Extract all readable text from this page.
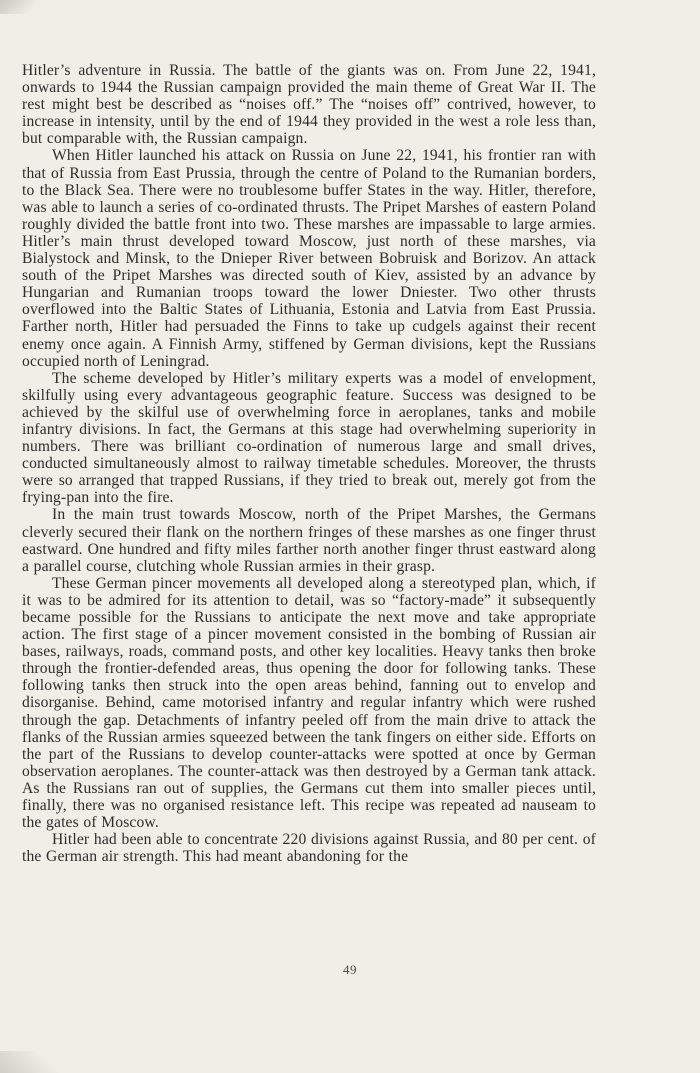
Hitler’s adventure in Russia. The battle of the giants was on. From June 22, 1941, onwards to 1944 the Russian campaign provided the main theme of Great War II. The rest might best be described as “noises off.” The “noises off” contrived, however, to increase in intensity, until by the end of 1944 they provided in the west a role less than, but comparable with, the Russian campaign.

When Hitler launched his attack on Russia on June 22, 1941, his frontier ran with that of Russia from East Prussia, through the centre of Poland to the Rumanian borders, to the Black Sea. There were no troublesome buffer States in the way. Hitler, therefore, was able to launch a series of co-ordinated thrusts. The Pripet Marshes of eastern Poland roughly divided the battle front into two. These marshes are impassable to large armies. Hitler’s main thrust developed toward Moscow, just north of these marshes, via Bialystock and Minsk, to the Dnieper River between Bobruisk and Borizov. An attack south of the Pripet Marshes was directed south of Kiev, assisted by an advance by Hungarian and Rumanian troops toward the lower Dniester. Two other thrusts overflowed into the Baltic States of Lithuania, Estonia and Latvia from East Prussia. Farther north, Hitler had persuaded the Finns to take up cudgels against their recent enemy once again. A Finnish Army, stiffened by German divisions, kept the Russians occupied north of Leningrad.

The scheme developed by Hitler’s military experts was a model of envelopment, skilfully using every advantageous geographic feature. Success was designed to be achieved by the skilful use of overwhelming force in aeroplanes, tanks and mobile infantry divisions. In fact, the Germans at this stage had overwhelming superiority in numbers. There was brilliant co-ordination of numerous large and small drives, conducted simultaneously almost to railway timetable schedules. Moreover, the thrusts were so arranged that trapped Russians, if they tried to break out, merely got from the frying-pan into the fire.

In the main trust towards Moscow, north of the Pripet Marshes, the Germans cleverly secured their flank on the northern fringes of these marshes as one finger thrust eastward. One hundred and fifty miles farther north another finger thrust eastward along a parallel course, clutching whole Russian armies in their grasp.

These German pincer movements all developed along a stereotyped plan, which, if it was to be admired for its attention to detail, was so “factory-made” it subsequently became possible for the Russians to anticipate the next move and take appropriate action. The first stage of a pincer movement consisted in the bombing of Russian air bases, railways, roads, command posts, and other key localities. Heavy tanks then broke through the frontier-defended areas, thus opening the door for following tanks. These following tanks then struck into the open areas behind, fanning out to envelop and disorganise. Behind, came motorised infantry and regular infantry which were rushed through the gap. Detachments of infantry peeled off from the main drive to attack the flanks of the Russian armies squeezed between the tank fingers on either side. Efforts on the part of the Russians to develop counter-attacks were spotted at once by German observation aeroplanes. The counter-attack was then destroyed by a German tank attack. As the Russians ran out of supplies, the Germans cut them into smaller pieces until, finally, there was no organised resistance left. This recipe was repeated ad nauseam to the gates of Moscow.

Hitler had been able to concentrate 220 divisions against Russia, and 80 per cent. of the German air strength. This had meant abandoning for the

49
